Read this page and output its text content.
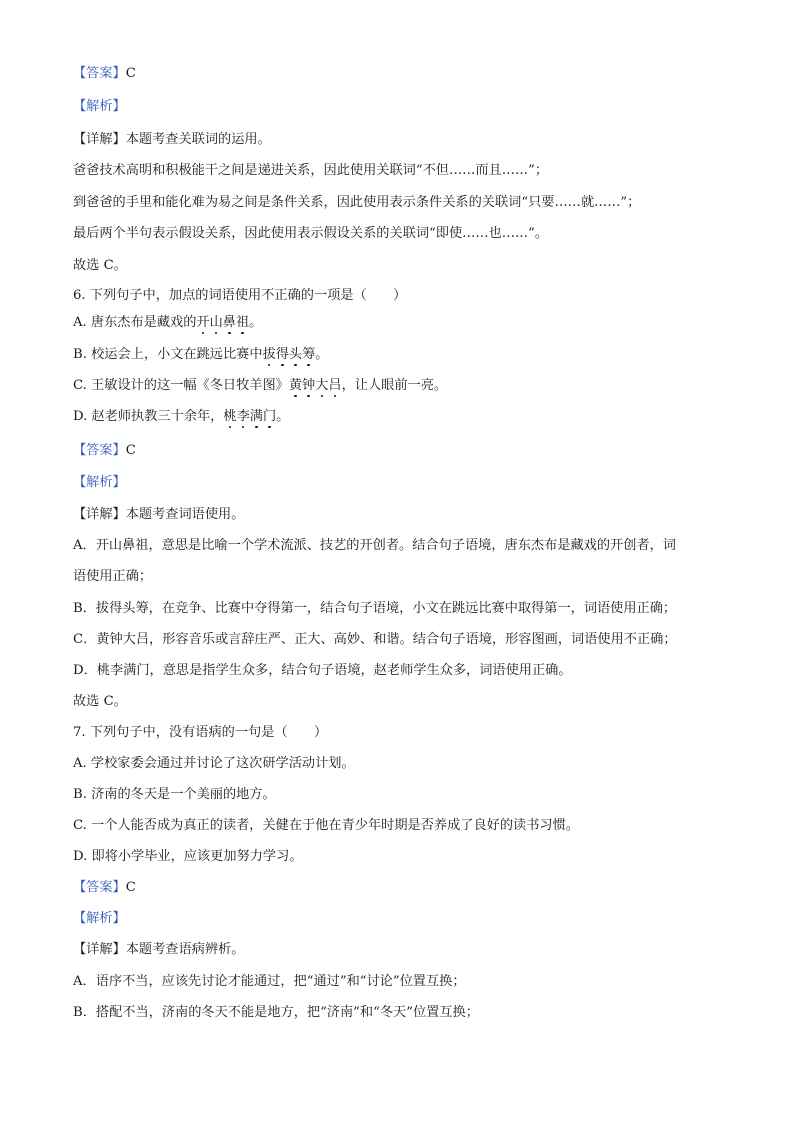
【答案】C
【解析】
【详解】本题考查关联词的运用。
爸爸技术高明和积极能干之间是递进关系，因此使用关联词“不但……而且……”；
到爸爸的手里和能化难为易之间是条件关系，因此使用表示条件关系的关联词“只要……就……”；
最后两个半句表示假设关系，因此使用表示假设关系的关联词“即使……也……”。
故选 C。
6. 下列句子中，加点的词语使用不正确的一项是（　　）
A. 唐东杰布是藏戏的开山鼻祖。
B. 校运会上，小文在跳远比赛中拔得头筹。
C. 王敏设计的这一幅《冬日牧羊图》黄钟大吕，让人眼前一亮。
D. 赵老师执教三十余年，桃李满门。
【答案】C
【解析】
【详解】本题考查词语使用。
A．开山鼻祖，意思是比喻一个学术流派、技艺的开创者。结合句子语境，唐东杰布是藏戏的开创者，词
语使用正确；
B．拔得头筹，在竞争、比赛中夺得第一，结合句子语境，小文在跳远比赛中取得第一，词语使用正确；
C．黄钟大吕，形容音乐或言辞庄严、正大、高妙、和谐。结合句子语境，形容图画，词语使用不正确；
D．桃李满门，意思是指学生众多，结合句子语境，赵老师学生众多，词语使用正确。
故选 C。
7. 下列句子中，没有语病的一句是（　　）
A. 学校家委会通过并讨论了这次研学活动计划。
B. 济南的冬天是一个美丽的地方。
C. 一个人能否成为真正的读者，关健在于他在青少年时期是否养成了良好的读书习惯。
D. 即将小学毕业，应该更加努力学习。
【答案】C
【解析】
【详解】本题考查语病辨析。
A．语序不当，应该先讨论才能通过，把“通过”和“讨论”位置互换；
B．搭配不当，济南的冬天不能是地方，把“济南”和“冬天”位置互换；
